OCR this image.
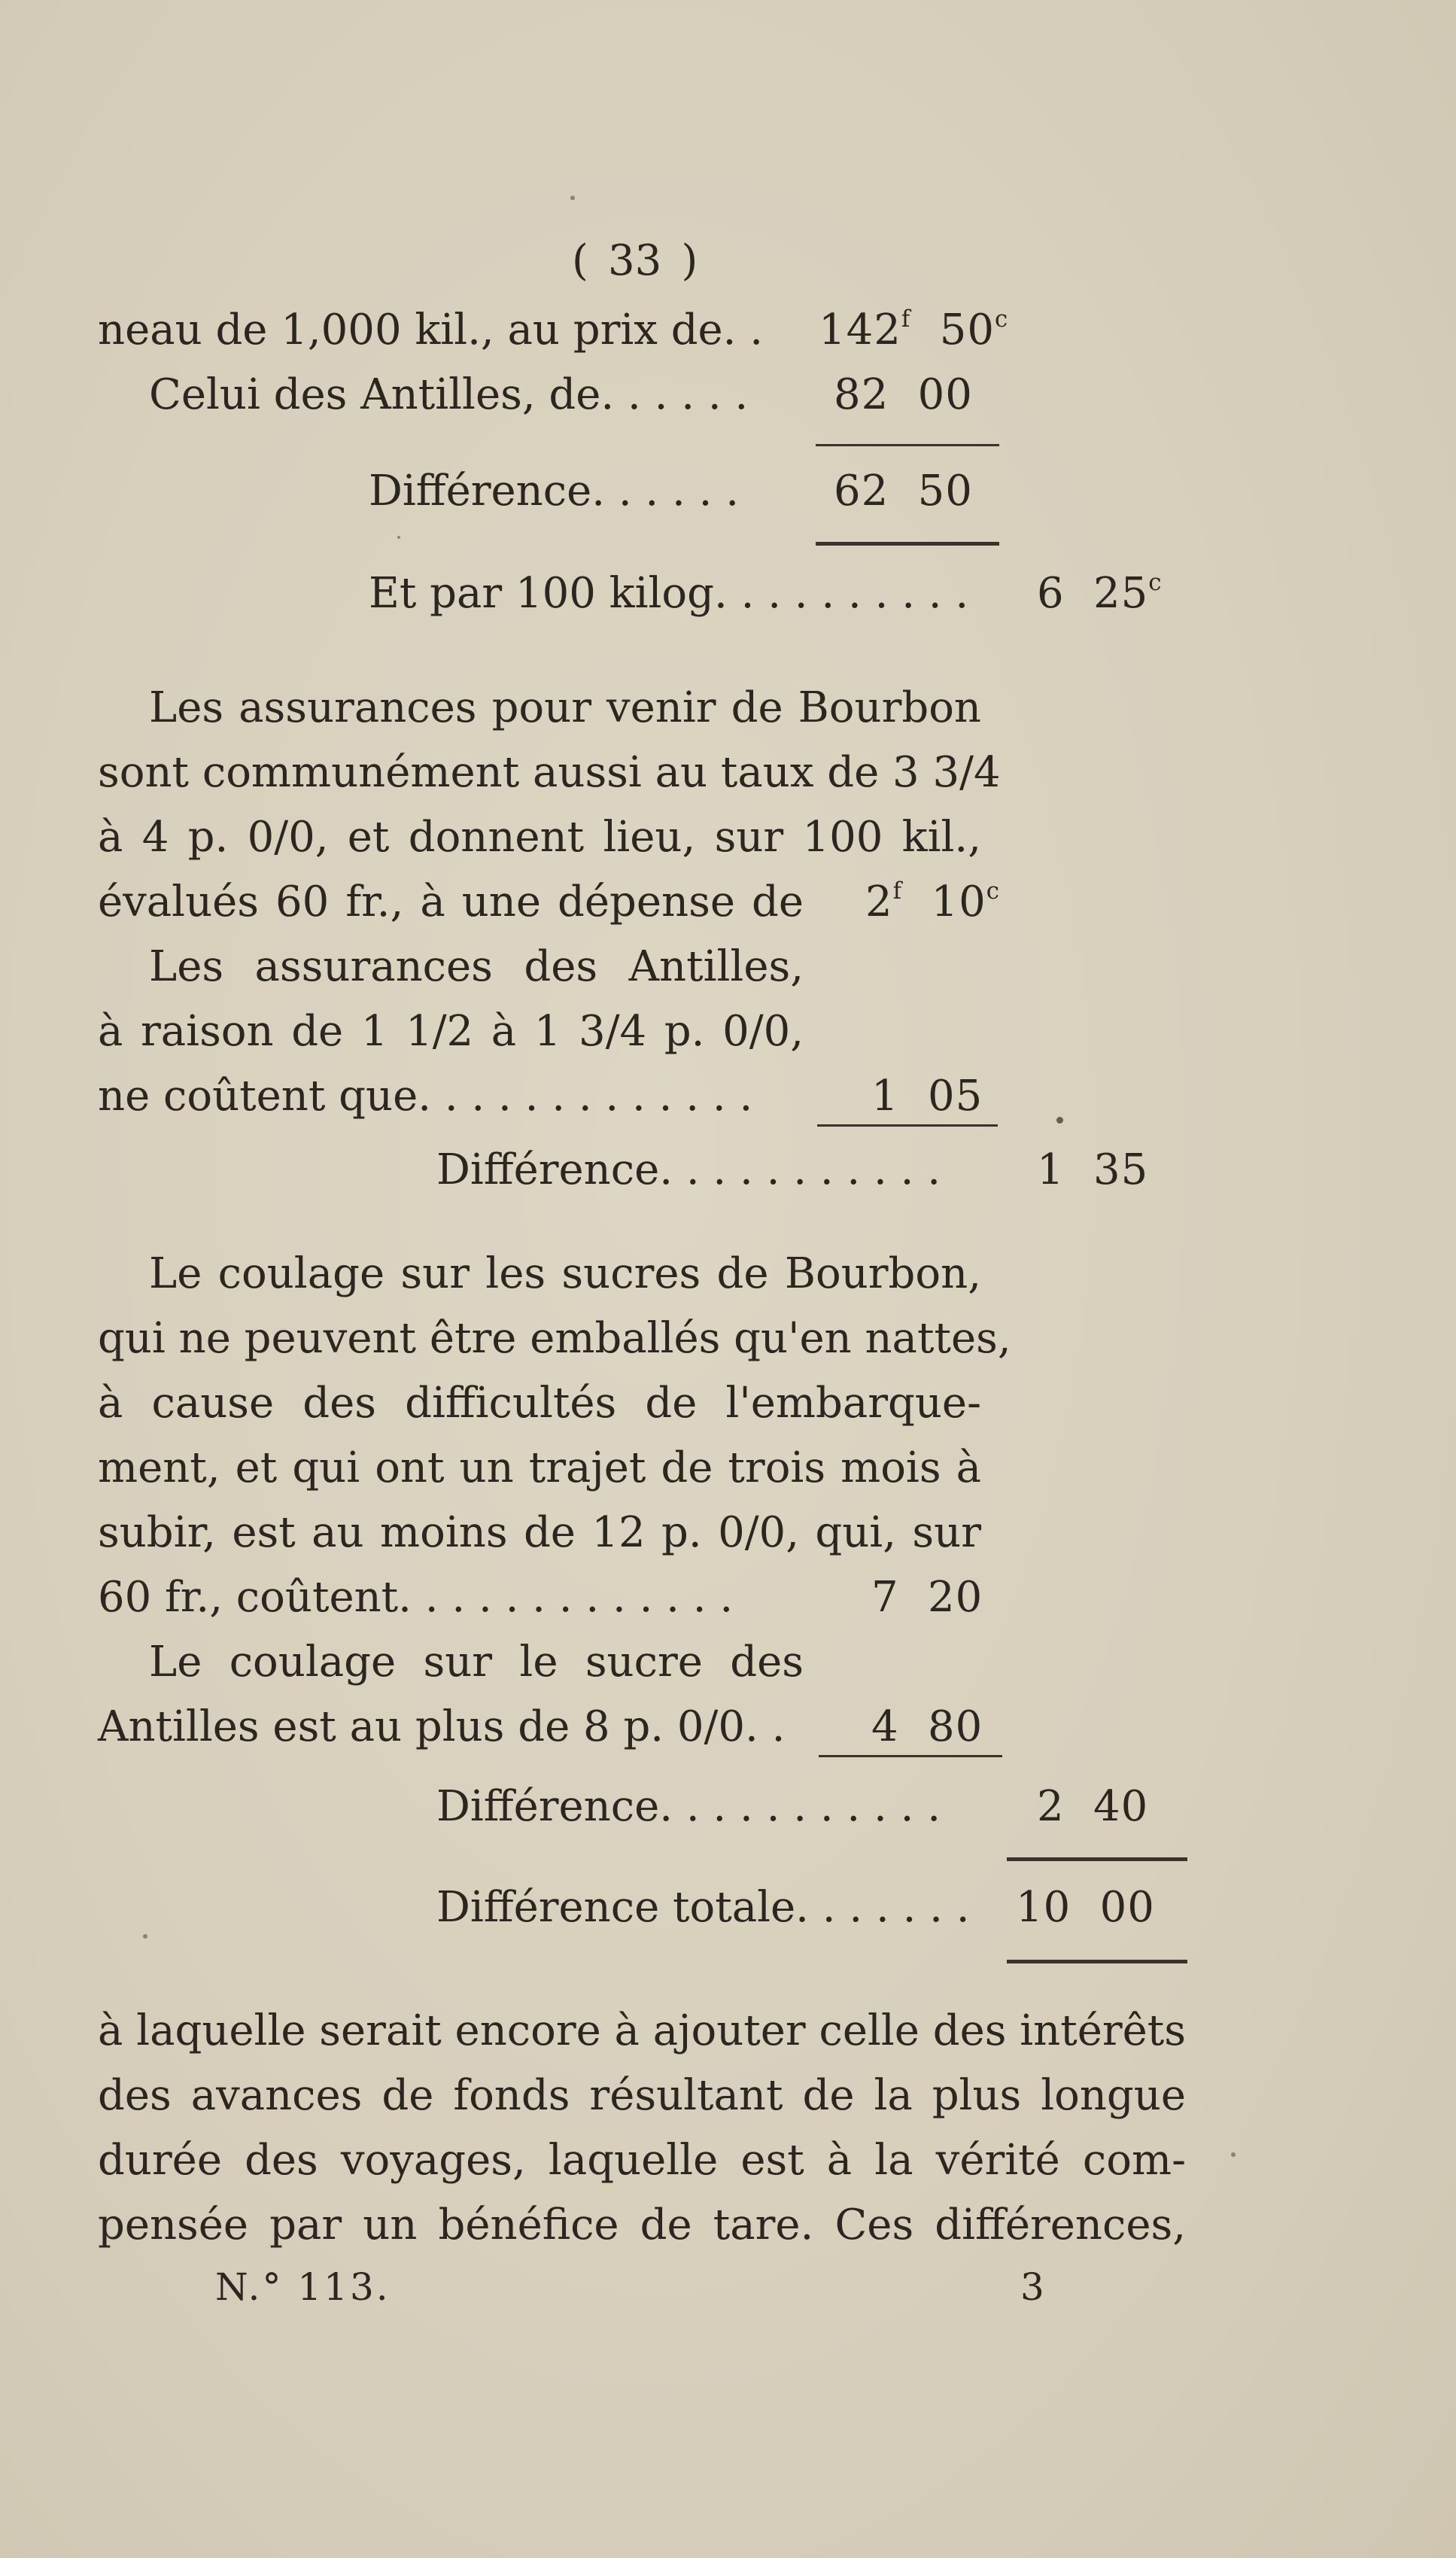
( 33 )
neau de 1,000 kil., au prix de. . 142$^f$ 50$^c$
Celui des Antilles, de. . . . . . 82 00
Différence. . . . . . 62 50
Et par 100 kilog. . . . . . . . . . 6 25$^c$
Les assurances pour venir de Bourbon
sont communément aussi au taux de 3 3/4
à 4 p. 0/0, et donnent lieu, sur 100 kil.,
évalués 60 fr., à une dépense de 2$^f$ 10$^c$
Les assurances des Antilles,
à raison de 1 1/2 à 1 3/4 p. 0/0,
ne coûtent que. . . . . . . . . . . . .	1 05
Différence. . . . . . . . . . . 1 35
Le coulage sur les sucres de Bourbon,
qui ne peuvent être emballés qu'en nattes,
à cause des difficultés de l'embarque-
ment, et qui ont un trajet de trois mois à
subir, est au moins de 12 p. 0/0, qui, sur
60 fr., coûtent. . . . . . . . . . . . .	7 20
Le coulage sur le sucre des
Antilles est au plus de 8 p. 0/0. . 4 80
Différence. . . . . . . . . . . 2 40
Différence totale. . . . . . . 10 00
à laquelle serait encore à ajouter celle des intérêts
des avances de fonds résultant de la plus longue
durée des voyages, laquelle est à la vérité com-
pensée par un bénéfice de tare. Ces différences,
N.° 113.	3
